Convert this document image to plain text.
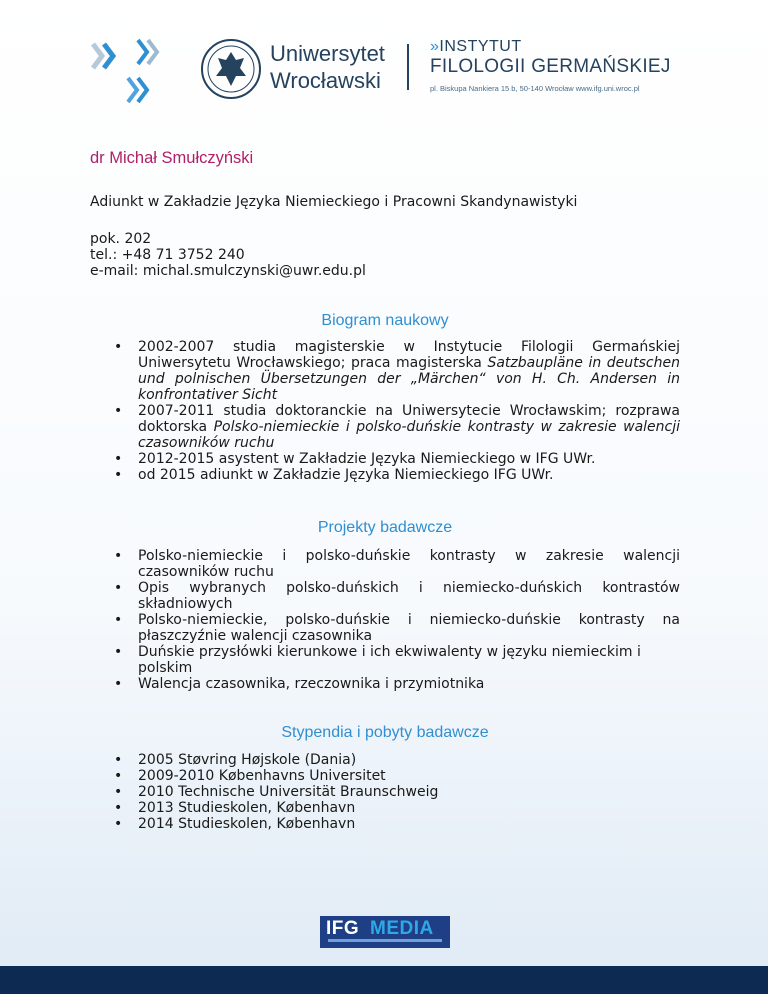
Uniwersytet
Wrocławski
»INSTYTUT
FILOLOGII GERMAŃSKIEJ
pl. Biskupa Nankiera 15 b, 50-140 Wrocław www.ifg.uni.wroc.pl
dr Michał Smułczyński

Adiunkt w Zakładzie Języka Niemieckiego i Pracowni Skandynawistyki

pok. 202
tel.: +48 71 3752 240
e-mail: michal.smulczynski@uwr.edu.pl
Biogram naukowy
• 2002-2007 studia magisterskie w Instytucie Filologii Germańskiej Uniwersytetu Wrocławskiego; praca magisterska Satzbaupläne in deutschen und polnischen Übersetzungen der „Märchen“ von H. Ch. Andersen in konfrontativer Sicht
• 2007-2011 studia doktoranckie na Uniwersytecie Wrocławskim; rozprawa doktorska Polsko-niemieckie i polsko-duńskie kontrasty w zakresie walencji czasowników ruchu
• 2012-2015 asystent w Zakładzie Języka Niemieckiego w IFG UWr.
• od 2015 adiunkt w Zakładzie Języka Niemieckiego IFG UWr.
Projekty badawcze
• Polsko-niemieckie i polsko-duńskie kontrasty w zakresie walencji czasowników ruchu
• Opis wybranych polsko-duńskich i niemiecko-duńskich kontrastów składniowych
• Polsko-niemieckie, polsko-duńskie i niemiecko-duńskie kontrasty na płaszczyźnie walencji czasownika
• Duńskie przysłówki kierunkowe i ich ekwiwalenty w języku niemieckim i polskim
• Walencja czasownika, rzeczownika i przymiotnika
Stypendia i pobyty badawcze
• 2005 Støvring Højskole (Dania)
• 2009-2010 Københavns Universitet
• 2010 Technische Universität Braunschweig
• 2013 Studieskolen, København
• 2014 Studieskolen, København
IFG MEDIA
